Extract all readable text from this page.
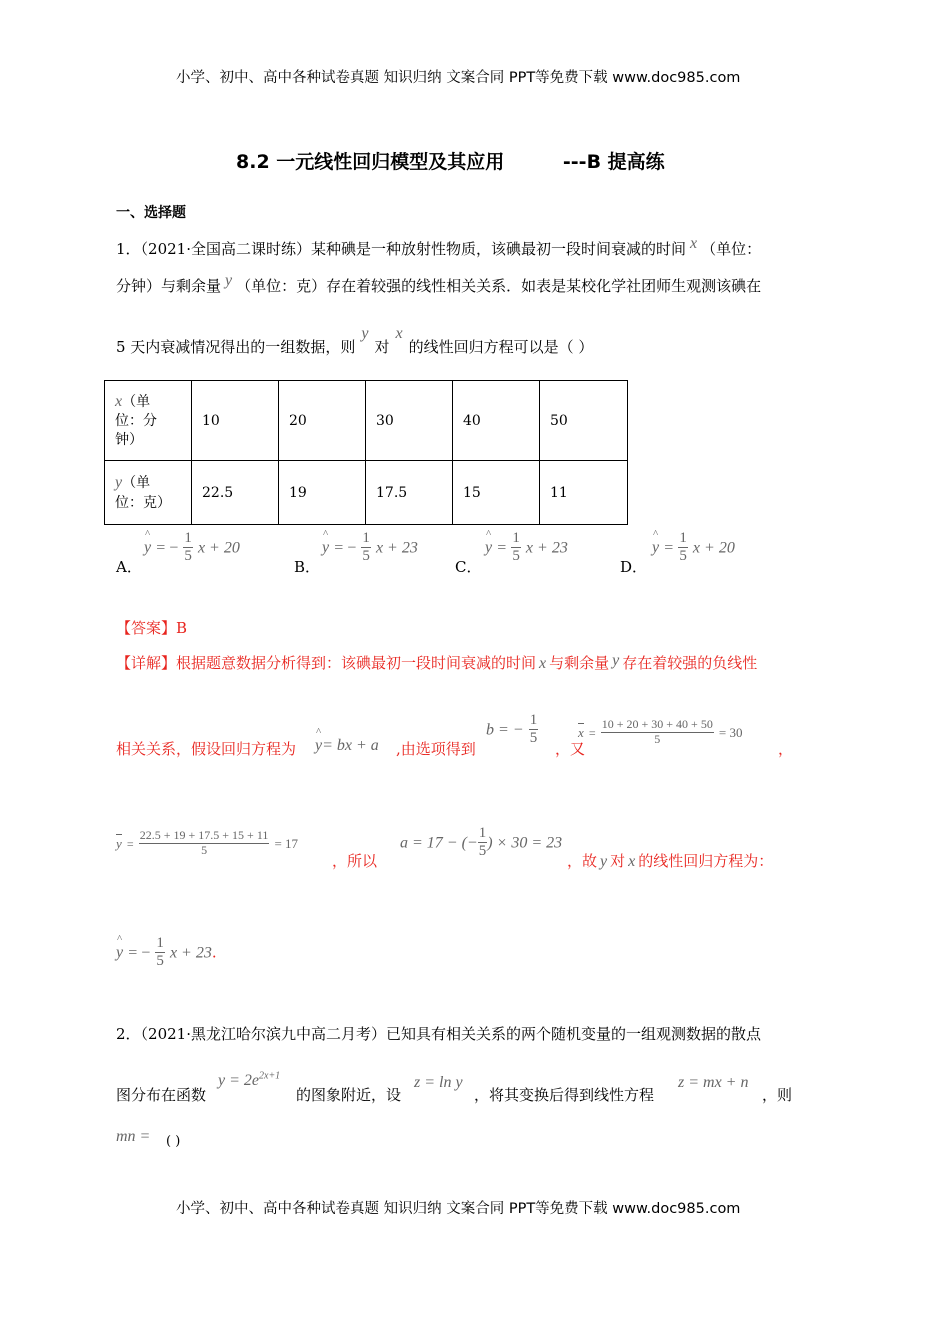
小学、初中、高中各种试卷真题 知识归纳 文案合同 PPT等免费下载 www.doc985.com
8.2 一元线性回归模型及其应用	---B 提高练
一、选择题
1．（2021·全国高二课时练）某种碘是一种放射性物质，该碘最初一段时间衰减的时间 x （单位：
分钟）与剩余量 y （单位：克）存在着较强的线性相关关系．如表是某校化学社团师生观测该碘在
5 天内衰减情况得出的一组数据，则y对x的线性回归方程可以是（ ）
x（单
位：分
钟）	10	20	30	40	50
y（单
位：克）	22.5	19	17.5	15	11
A．
^ y = − $\frac{1}{5}$ x + 20
B．
^ y = − $\frac{1}{5}$ x + 23
C．
^ $y = \frac{1}{5}$ x + 23
D．
^ $y = \frac{1}{5}$ x + 20
【答案】B
【详解】根据题意数据分析得到：该碘最初一段时间衰减的时间 x 与剩余量 y 存在着较强的负线性
相关关系，假设回归方程为 ^ y= bx + a ,由选项得到
b = − $\frac{1}{5}$
，又
$x = \frac{10 + 20 + 30 + 40 + 50}{5} = 30$
，
$y = \frac{22.5 + 19 + 17.5 + 15 + 11}{5} = 17$
，所以
a = 17 − (− $\frac{1}{5}$ ) × 30 = 23
，故 y 对 x 的线性回归方程为：
^ y = − $\frac{1}{5}$ x + 23.
2．（2021·黑龙江哈尔滨九中高二月考）已知具有相关关系的两个随机变量的一组观测数据的散点
图分布在函数
$y = 2e^{2x+1}$
的图象附近，设
z = ln y
，将其变换后得到线性方程
z = mx + n
，则
mn = ( )
小学、初中、高中各种试卷真题 知识归纳 文案合同 PPT等免费下载 www.doc985.com
